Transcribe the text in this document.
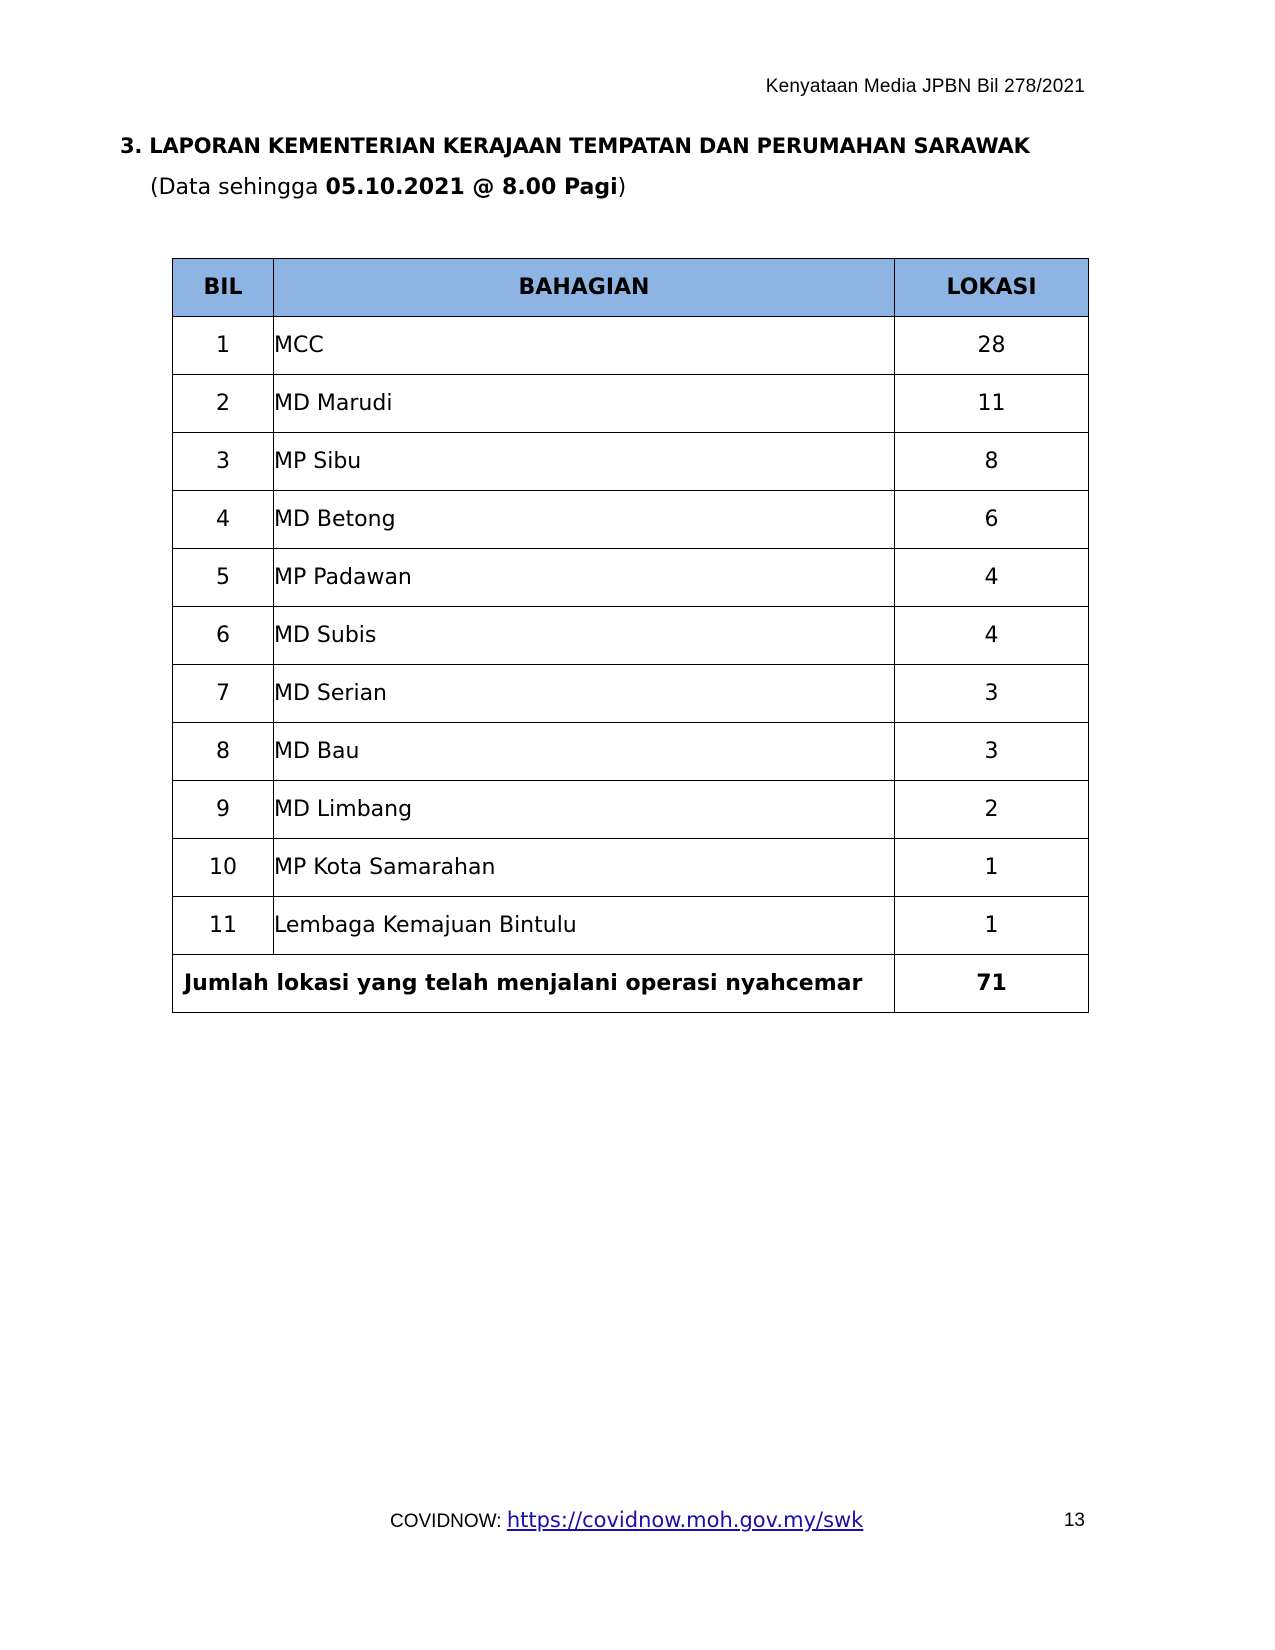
Kenyataan Media JPBN Bil 278/2021
3. LAPORAN KEMENTERIAN KERAJAAN TEMPATAN DAN PERUMAHAN SARAWAK
(Data sehingga 05.10.2021 @ 8.00 Pagi)
BIL	BAHAGIAN	LOKASI
1	MCC	28
2	MD Marudi	11
3	MP Sibu	8
4	MD Betong	6
5	MP Padawan	4
6	MD Subis	4
7	MD Serian	3
8	MD Bau	3
9	MD Limbang	2
10	MP Kota Samarahan	1
11	Lembaga Kemajuan Bintulu	1
Jumlah lokasi yang telah menjalani operasi nyahcemar		71
COVIDNOW: https://covidnow.moh.gov.my/swk	13
